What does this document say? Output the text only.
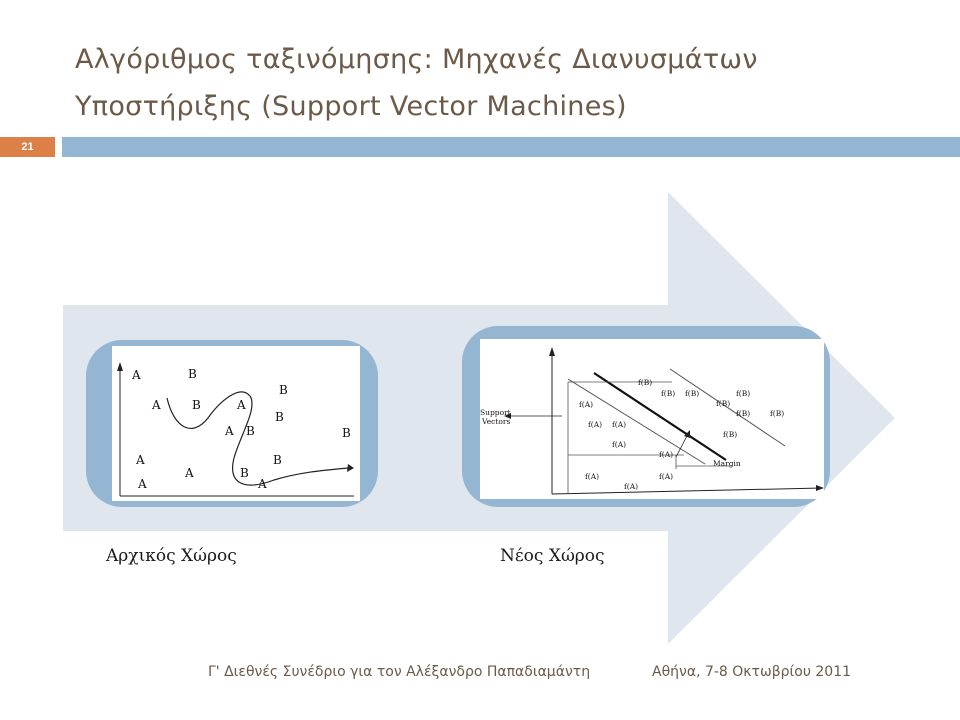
Αλγόριθμος ταξινόμησης: Μηχανές Διανυσμάτων
Υποστήριξης (Support Vector Machines)
21
A	B
A	B	A
B
A B
B
A
A	B
B
A	A
B
Support
Vectors
Margin
f(B)
f(B) f(B)	f(B)
f(B)
f(B)	f(B)
f(B)
f(A)
f(A) f(A)
f(A)
f(A)
f(A)	f(A)
f(A)
Αρχικός Χώρος	Νέος Χώρος
Γ' Διεθνές Συνέδριο για τον Αλέξανδρο Παπαδιαμάντη	Αθήνα, 7-8 Οκτωβρίου 2011
